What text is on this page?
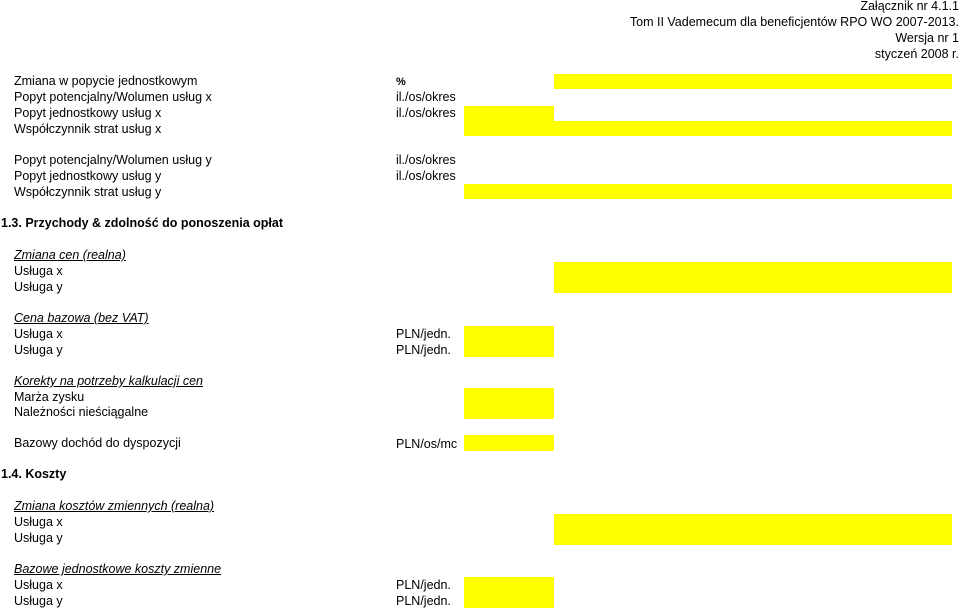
Załącznik nr 4.1.1
Tom II Vademecum dla beneficjentów RPO WO 2007-2013.
Wersja nr 1
styczeń 2008 r.
Zmiana w popycie jednostkowym	%
Popyt potencjalny/Wolumen usług x	il./os/okres
Popyt jednostkowy usług x	il./os/okres
Współczynnik strat usług x
Popyt potencjalny/Wolumen usług y	il./os/okres
Popyt jednostkowy usług y	il./os/okres
Współczynnik strat usług y
1.3. Przychody & zdolność do ponoszenia opłat
Zmiana cen (realna)
Usługa x
Usługa y
Cena bazowa (bez VAT)
Usługa x	PLN/jedn.
Usługa y	PLN/jedn.
Korekty na potrzeby kalkulacji cen
Marża zysku
Należności nieściągalne
Bazowy dochód do dyspozycji	PLN/os/mc
1.4. Koszty
Zmiana kosztów zmiennych (realna)
Usługa x
Usługa y
Bazowe jednostkowe koszty zmienne
Usługa x	PLN/jedn.
Usługa y	PLN/jedn.
